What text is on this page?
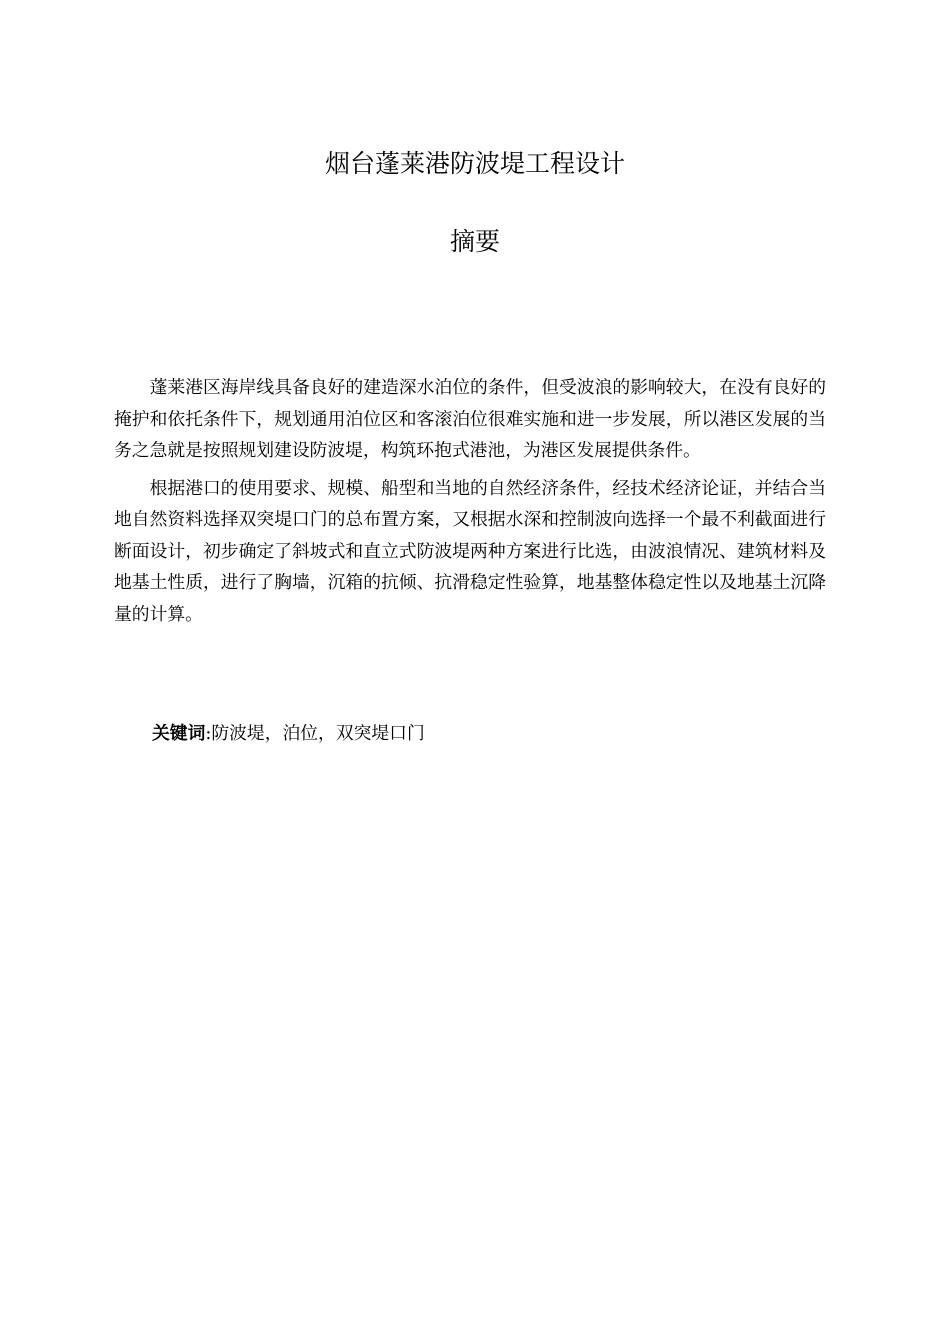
烟台蓬莱港防波堤工程设计
摘要

蓬莱港区海岸线具备良好的建造深水泊位的条件，但受波浪的影响较大，在没有良好的掩护和依托条件下，规划通用泊位区和客滚泊位很难实施和进一步发展，所以港区发展的当务之急就是按照规划建设防波堤，构筑环抱式港池，为港区发展提供条件。

根据港口的使用要求、规模、船型和当地的自然经济条件，经技术经济论证，并结合当地自然资料选择双突堤口门的总布置方案，又根据水深和控制波向选择一个最不利截面进行断面设计，初步确定了斜坡式和直立式防波堤两种方案进行比选，由波浪情况、建筑材料及地基土性质，进行了胸墙，沉箱的抗倾、抗滑稳定性验算，地基整体稳定性以及地基土沉降量的计算。

关键词:防波堤，泊位，双突堤口门
